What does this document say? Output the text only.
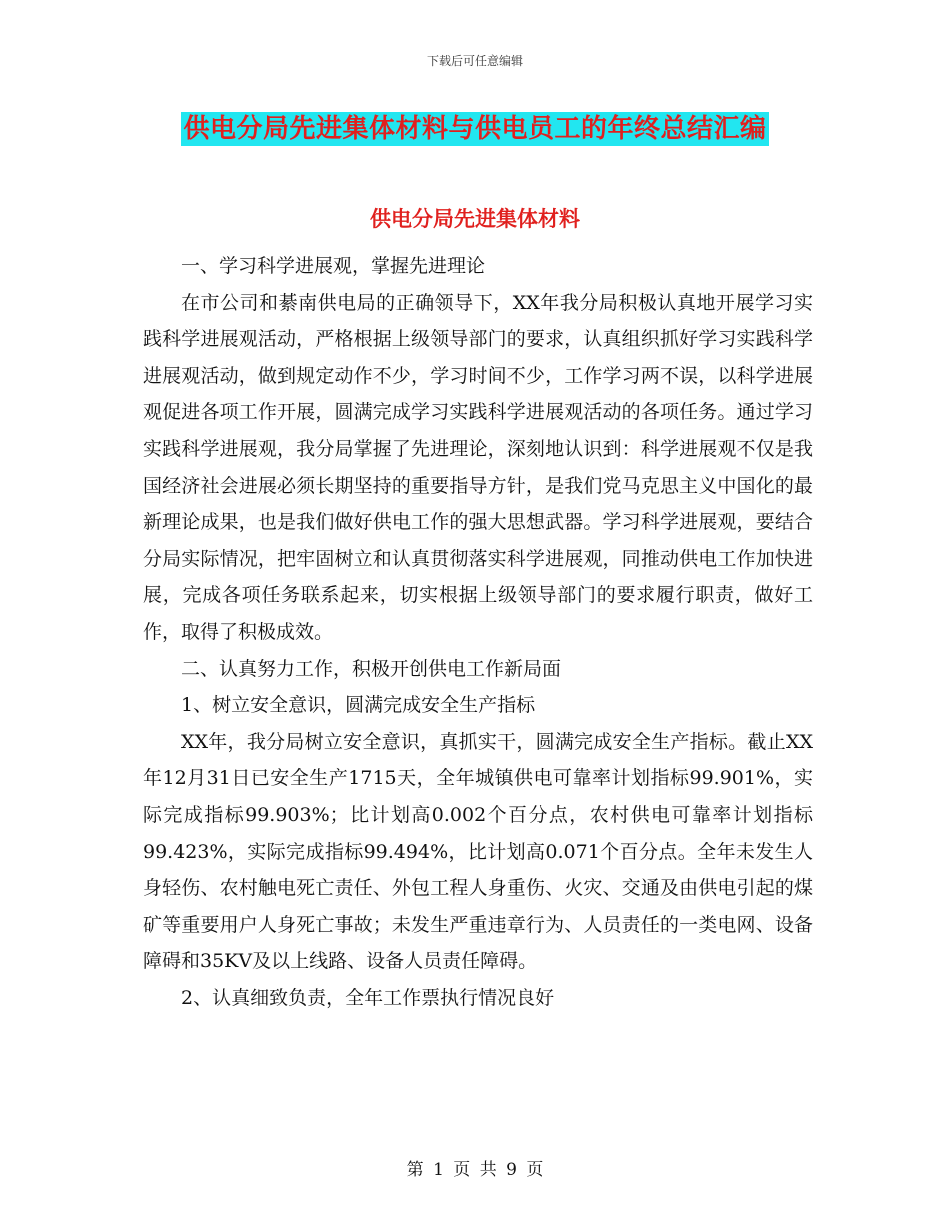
下载后可任意编辑
供电分局先进集体材料与供电员工的年终总结汇编
供电分局先进集体材料

一、学习科学进展观，掌握先进理论

在市公司和綦南供电局的正确领导下，XX年我分局积极认真地开展学习实践科学进展观活动，严格根据上级领导部门的要求，认真组织抓好学习实践科学进展观活动，做到规定动作不少，学习时间不少，工作学习两不误，以科学进展观促进各项工作开展，圆满完成学习实践科学进展观活动的各项任务。通过学习实践科学进展观，我分局掌握了先进理论，深刻地认识到：科学进展观不仅是我国经济社会进展必须长期坚持的重要指导方针，是我们党马克思主义中国化的最新理论成果，也是我们做好供电工作的强大思想武器。学习科学进展观，要结合分局实际情况，把牢固树立和认真贯彻落实科学进展观，同推动供电工作加快进展，完成各项任务联系起来，切实根据上级领导部门的要求履行职责，做好工作，取得了积极成效。

二、认真努力工作，积极开创供电工作新局面

1、树立安全意识，圆满完成安全生产指标

XX年，我分局树立安全意识，真抓实干，圆满完成安全生产指标。截止XX年12月31日已安全生产1715天，全年城镇供电可靠率计划指标99.901%，实际完成指标99.903%；比计划高0.002个百分点，农村供电可靠率计划指标99.423%，实际完成指标99.494%，比计划高0.071个百分点。全年未发生人身轻伤、农村触电死亡责任、外包工程人身重伤、火灾、交通及由供电引起的煤矿等重要用户人身死亡事故；未发生严重违章行为、人员责任的一类电网、设备障碍和35KV及以上线路、设备人员责任障碍。

2、认真细致负责，全年工作票执行情况良好

第 1 页 共 9 页
